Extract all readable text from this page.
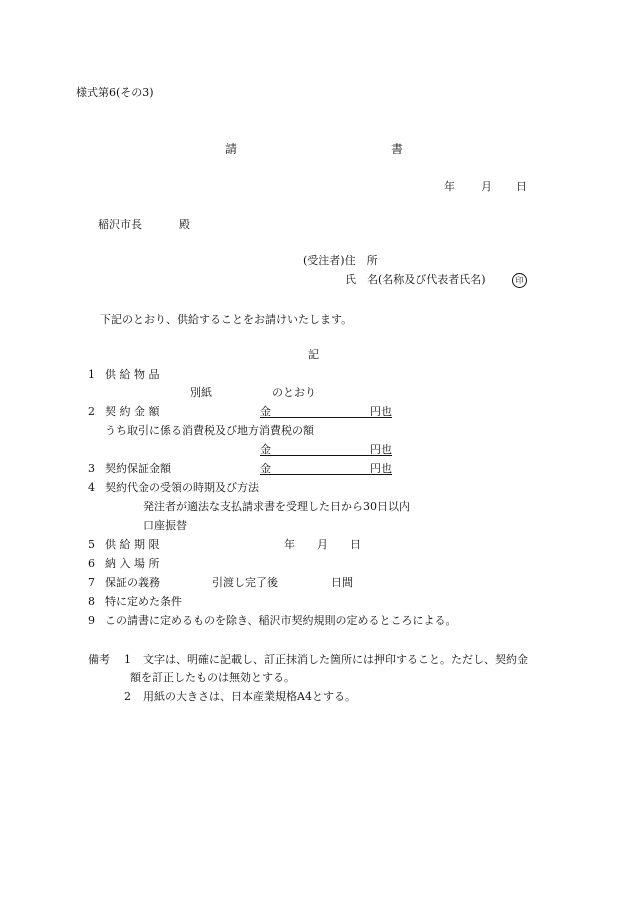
様式第6(その3)
請	書
年 月 日
稲沢市長	殿
(受注者)住　所
氏　名(名称及び代表者氏名)	印
下記のとおり、供給することをお請けいたします。
記
1 供 給 物 品
別紙	のとおり
2 契 約 金 額	金　　　　　　　　　円也
うち取引に係る消費税及び地方消費税の額
金　　　　　　　　　円也
3 契約保証金額	金　　　　　　　　　円也
4 契約代金の受領の時期及び方法
発注者が適法な支払請求書を受理した日から30日以内
口座振替
5 供 給 期 限	年　　月　　日
6 納 入 場 所
7 保証の義務	引渡し完了後	日間
8 特に定めた条件
9 この請書に定めるものを除き、稲沢市契約規則の定めるところによる。
備考 1 文字は、明確に記載し、訂正抹消した箇所には押印すること。ただし、契約金
額を訂正したものは無効とする。
2 用紙の大きさは、日本産業規格A4とする。
